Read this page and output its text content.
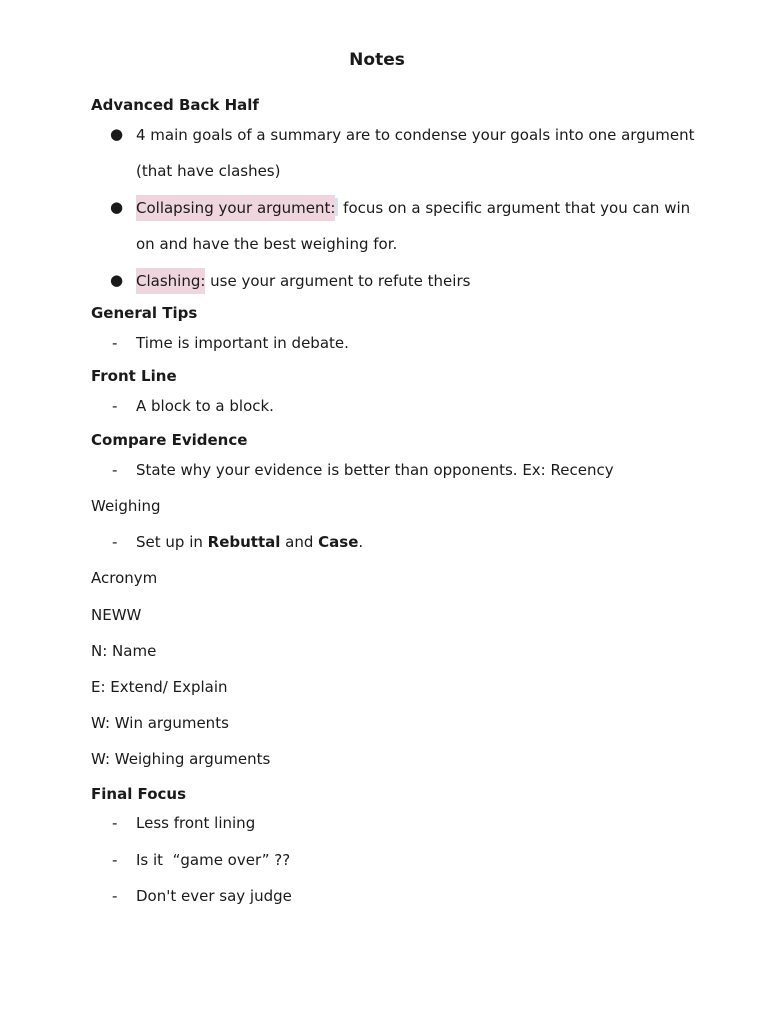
Notes
Advanced Back Half
● 4 main goals of a summary are to condense your goals into one argument (that have clashes)
● Collapsing your argument: focus on a specific argument that you can win on and have the best weighing for.
● Clashing: use your argument to refute theirs
General Tips
- Time is important in debate.
Front Line
- A block to a block.
Compare Evidence
- State why your evidence is better than opponents. Ex: Recency
Weighing
- Set up in Rebuttal and Case.
Acronym
NEWW
N: Name
E: Extend/ Explain
W: Win arguments
W: Weighing arguments
Final Focus
- Less front lining
- Is it  “game over” ??
- Don't ever say judge
